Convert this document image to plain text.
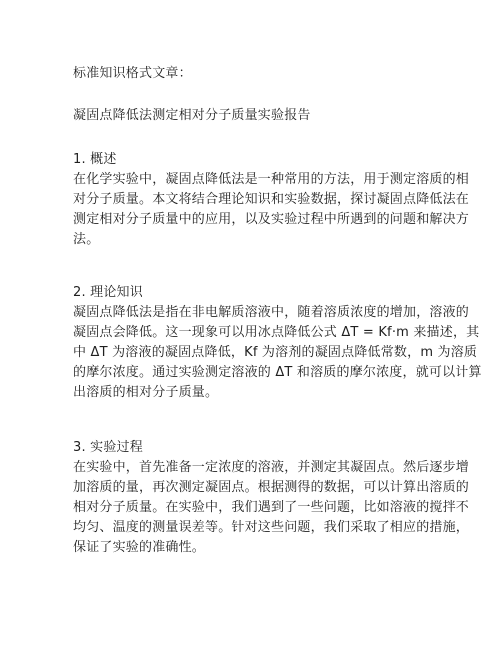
标准知识格式文章：
凝固点降低法测定相对分子质量实验报告
1. 概述
在化学实验中，凝固点降低法是一种常用的方法，用于测定溶质的相
对分子质量。本文将结合理论知识和实验数据，探讨凝固点降低法在
测定相对分子质量中的应用，以及实验过程中所遇到的问题和解决方
法。
2. 理论知识
凝固点降低法是指在非电解质溶液中，随着溶质浓度的增加，溶液的
凝固点会降低。这一现象可以用冰点降低公式 ΔT = Kf·m 来描述，其
中 ΔT 为溶液的凝固点降低，Kf 为溶剂的凝固点降低常数，m 为溶质
的摩尔浓度。通过实验测定溶液的 ΔT 和溶质的摩尔浓度，就可以计算
出溶质的相对分子质量。
3. 实验过程
在实验中，首先准备一定浓度的溶液，并测定其凝固点。然后逐步增
加溶质的量，再次测定凝固点。根据测得的数据，可以计算出溶质的
相对分子质量。在实验中，我们遇到了一些问题，比如溶液的搅拌不
均匀、温度的测量误差等。针对这些问题，我们采取了相应的措施，
保证了实验的准确性。
